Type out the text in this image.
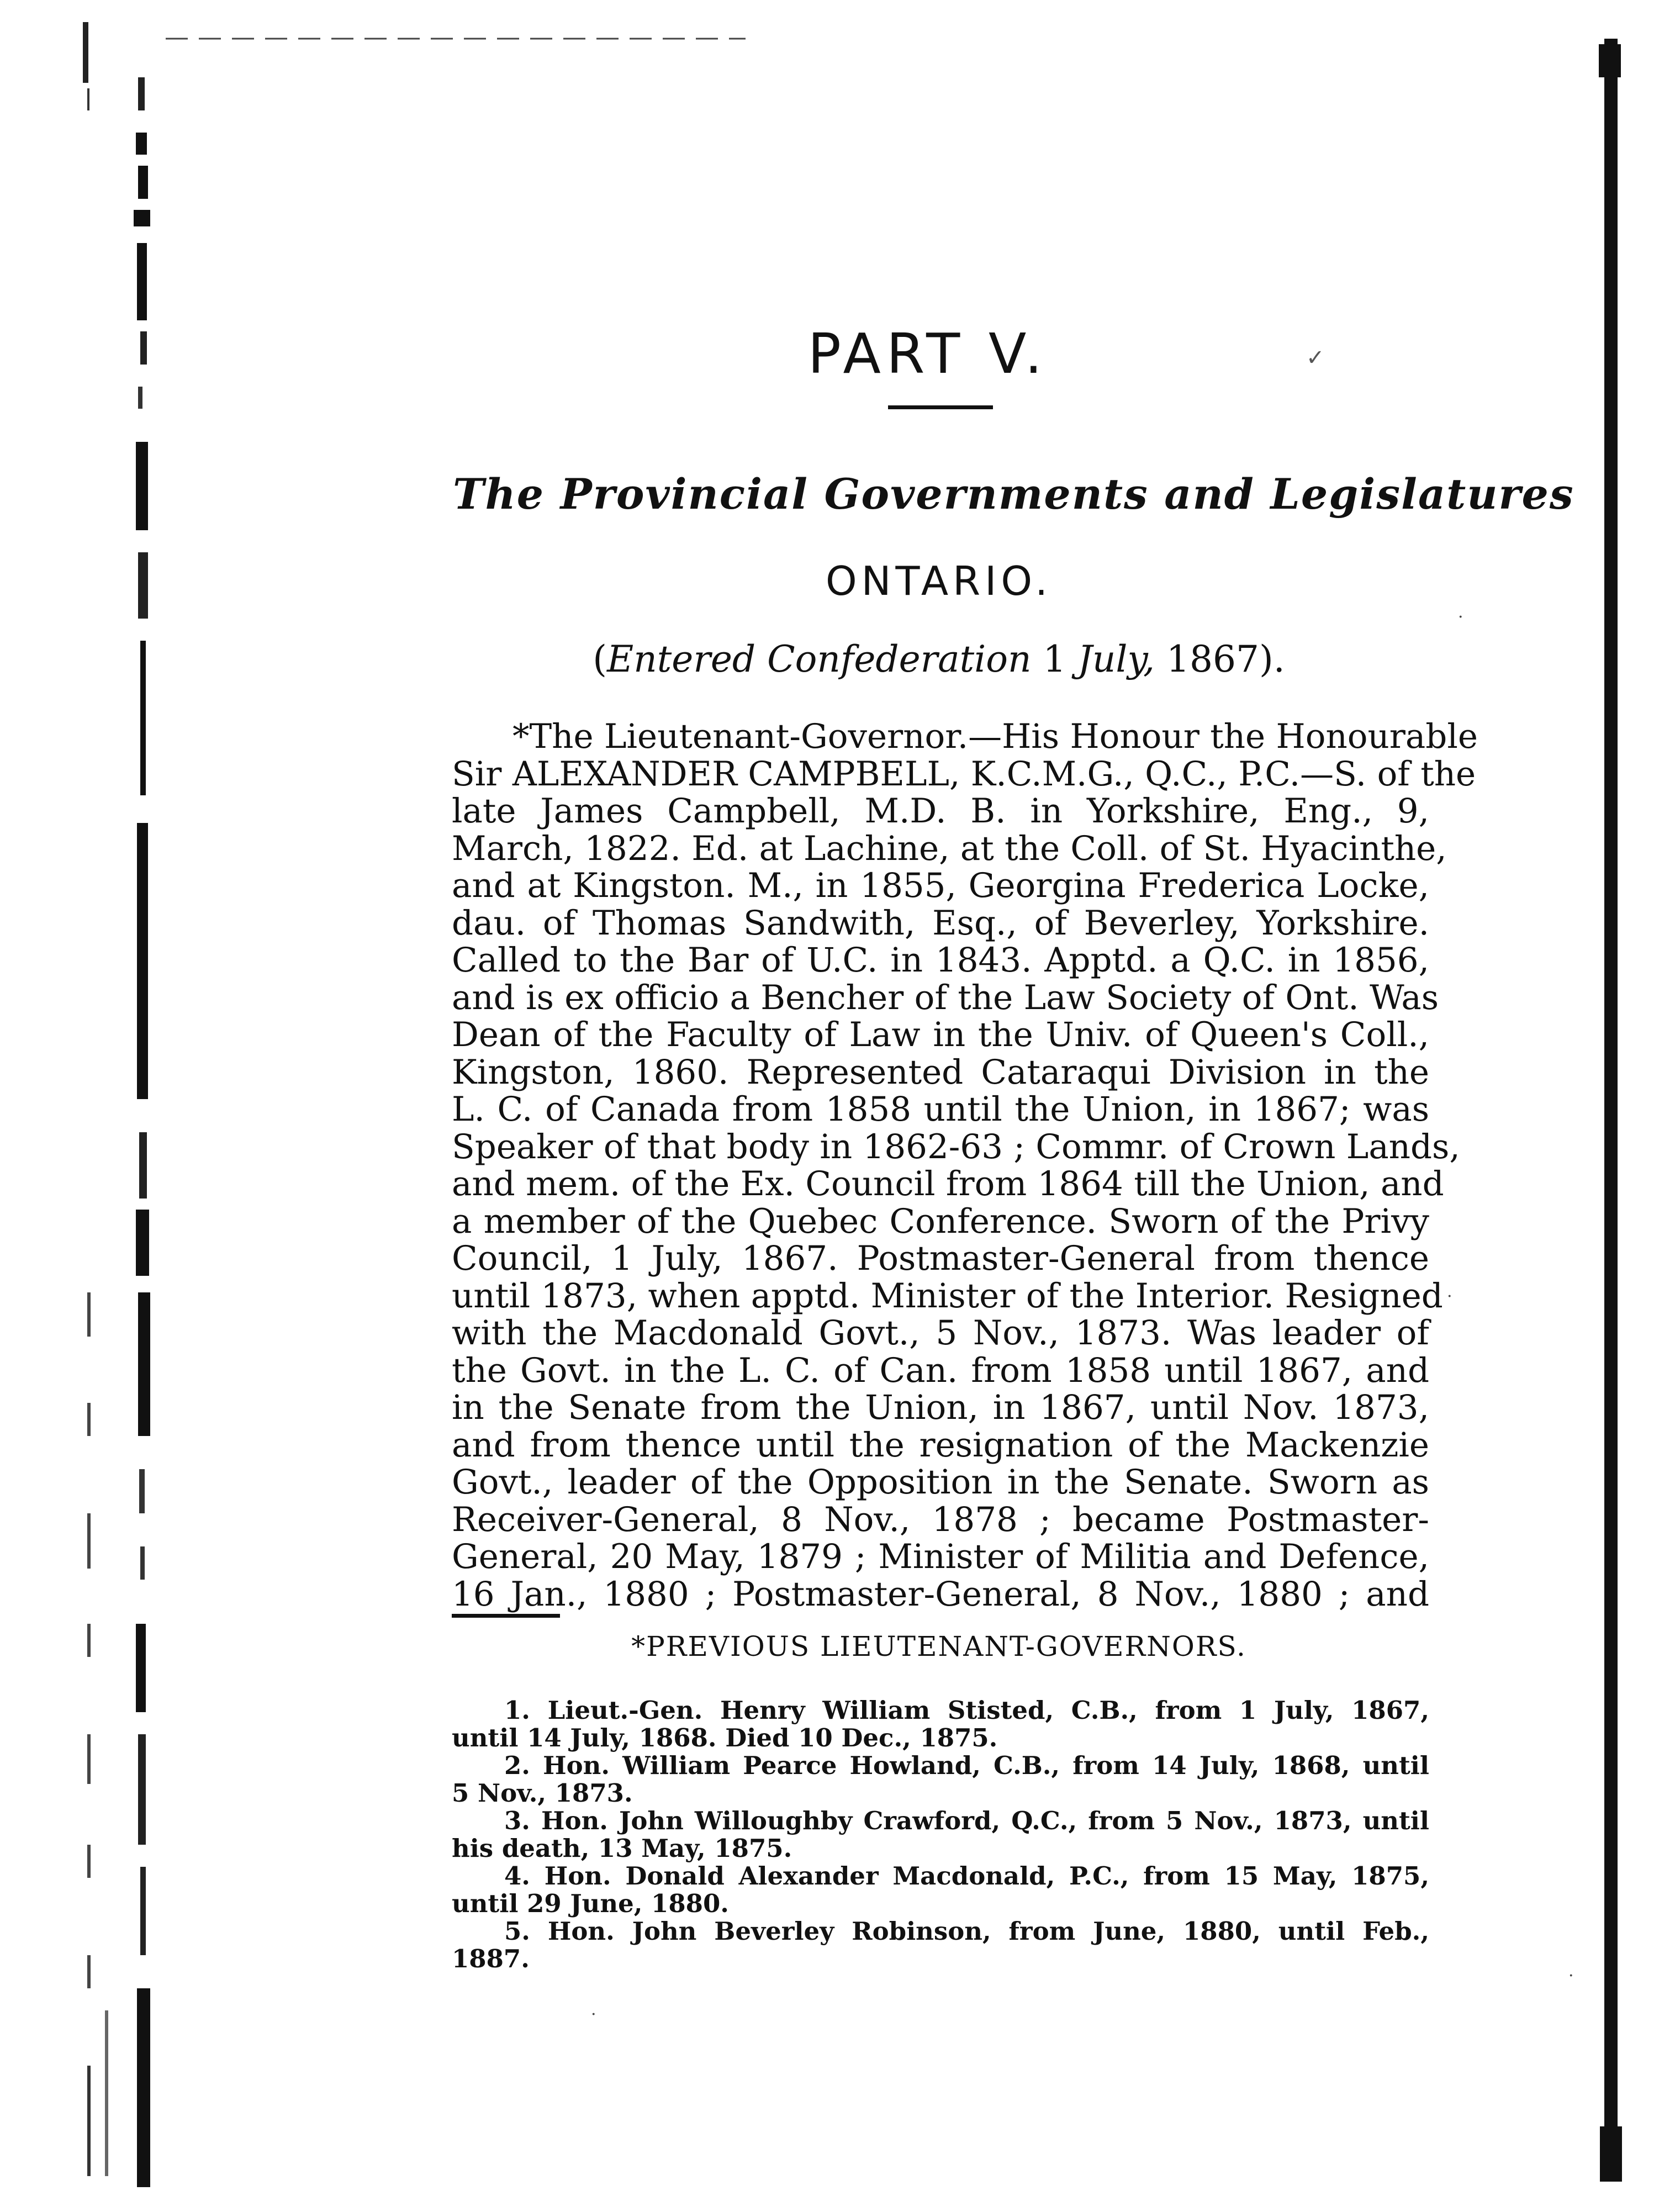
✓
·
·
·
·
PART V.
The Provincial Governments and Legislatures
ONTARIO.
(Entered Confederation 1 July, 1867).
*The Lieutenant-Governor.—His Honour the Honourable
Sir ALEXANDER CAMPBELL, K.C.M.G., Q.C., P.C.—S. of the
late James Campbell, M.D. B. in Yorkshire, Eng., 9,
March, 1822. Ed. at Lachine, at the Coll. of St. Hyacinthe,
and at Kingston. M., in 1855, Georgina Frederica Locke,
dau. of Thomas Sandwith, Esq., of Beverley, Yorkshire.
Called to the Bar of U.C. in 1843. Apptd. a Q.C. in 1856,
and is ex officio a Bencher of the Law Society of Ont. Was
Dean of the Faculty of Law in the Univ. of Queen's Coll.,
Kingston, 1860. Represented Cataraqui Division in the
L. C. of Canada from 1858 until the Union, in 1867; was
Speaker of that body in 1862-63 ; Commr. of Crown Lands,
and mem. of the Ex. Council from 1864 till the Union, and
a member of the Quebec Conference. Sworn of the Privy
Council, 1 July, 1867. Postmaster-General from thence
until 1873, when apptd. Minister of the Interior. Resigned
with the Macdonald Govt., 5 Nov., 1873. Was leader of
the Govt. in the L. C. of Can. from 1858 until 1867, and
in the Senate from the Union, in 1867, until Nov. 1873,
and from thence until the resignation of the Mackenzie
Govt., leader of the Opposition in the Senate. Sworn as
Receiver-General, 8 Nov., 1878 ; became Postmaster-
General, 20 May, 1879 ; Minister of Militia and Defence,
16 Jan., 1880 ; Postmaster-General, 8 Nov., 1880 ; and
*PREVIOUS LIEUTENANT-GOVERNORS.
1. Lieut.-Gen. Henry William Stisted, C.B., from 1 July, 1867,
until 14 July, 1868. Died 10 Dec., 1875.
2. Hon. William Pearce Howland, C.B., from 14 July, 1868, until
5 Nov., 1873.
3. Hon. John Willoughby Crawford, Q.C., from 5 Nov., 1873, until
his death, 13 May, 1875.
4. Hon. Donald Alexander Macdonald, P.C., from 15 May, 1875,
until 29 June, 1880.
5. Hon. John Beverley Robinson, from June, 1880, until Feb.,
1887.
